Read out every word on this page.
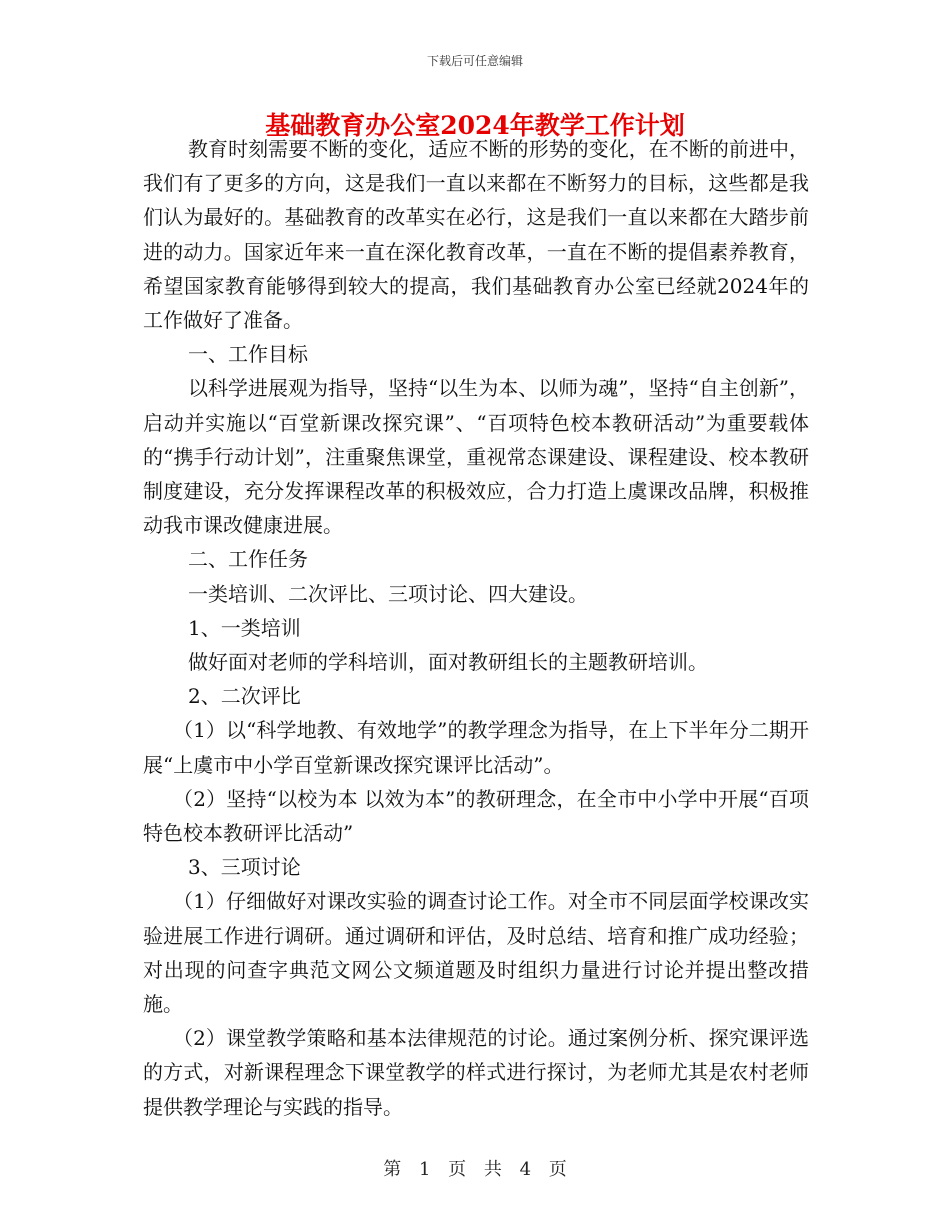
下载后可任意编辑
基础教育办公室2024年教学工作计划

教育时刻需要不断的变化，适应不断的形势的变化，在不断的前进中，我们有了更多的方向，这是我们一直以来都在不断努力的目标，这些都是我们认为最好的。基础教育的改革实在必行，这是我们一直以来都在大踏步前进的动力。国家近年来一直在深化教育改革，一直在不断的提倡素养教育，希望国家教育能够得到较大的提高，我们基础教育办公室已经就2024年的工作做好了准备。

一、工作目标

以科学进展观为指导，坚持“以生为本、以师为魂”，坚持“自主创新”，启动并实施以“百堂新课改探究课”、“百项特色校本教研活动”为重要载体的“携手行动计划”，注重聚焦课堂，重视常态课建设、课程建设、校本教研制度建设，充分发挥课程改革的积极效应，合力打造上虞课改品牌，积极推动我市课改健康进展。

二、工作任务

一类培训、二次评比、三项讨论、四大建设。

1、一类培训

做好面对老师的学科培训，面对教研组长的主题教研培训。

2、二次评比

（1）以“科学地教、有效地学”的教学理念为指导，在上下半年分二期开展“上虞市中小学百堂新课改探究课评比活动”。

（2）坚持“以校为本 以效为本”的教研理念，在全市中小学中开展“百项特色校本教研评比活动”

3、三项讨论

（1）仔细做好对课改实验的调查讨论工作。对全市不同层面学校课改实验进展工作进行调研。通过调研和评估，及时总结、培育和推广成功经验；对出现的问查字典范文网公文频道题及时组织力量进行讨论并提出整改措施。

（2）课堂教学策略和基本法律规范的讨论。通过案例分析、探究课评选的方式，对新课程理念下课堂教学的样式进行探讨，为老师尤其是农村老师提供教学理论与实践的指导。

第 1 页 共 4 页
